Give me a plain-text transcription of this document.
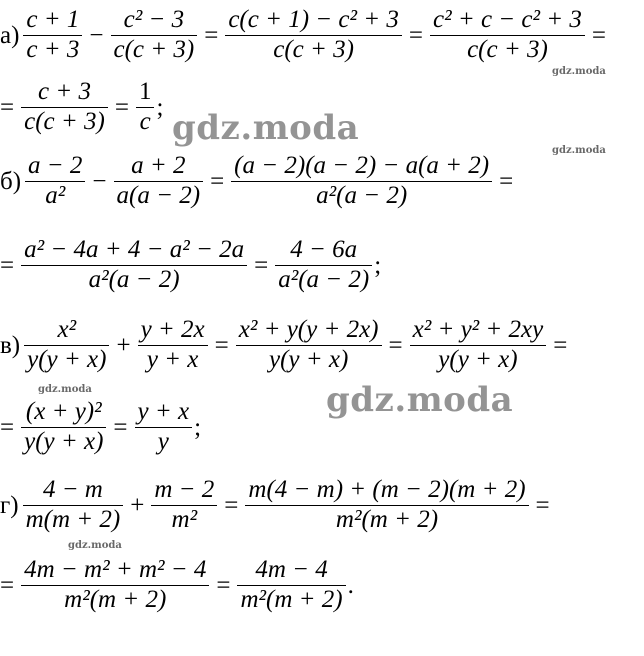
$а) \frac{c + 1}{c + 3} - \frac{\text{c² − 3}}{c(c + 3)} = \frac{\text{c(c + 1) − c² + 3}}{c(c + 3)} = \frac{\text{c² + c − c² + 3}}{c(c + 3)}$ =
= $\frac{c + 3}{c(c + 3)} = \frac{1}{c}$ ;
$б) \frac{a - 2}{\text{a²}} - \frac{a + 2}{a(a - 2)} = \frac{(a - 2)(a - 2) - a(a + 2)}{\text{a²(a − 2)}}$ =
= $\frac{\text{a² − 4a + 4 − a² − 2a}}{\text{a²(a − 2)}} = \frac{4 - 6a}{\text{a²(a − 2)}}$ ;
$в) \frac{\text{x²}}{y(y + x)} + \frac{y + 2x}{y + x} = \frac{\text{x² + y(y + 2x)}}{y(y + x)} = \frac{\text{x² + y² + 2xy}}{y(y + x)}$ =
= $\frac{\text{(x + y)²}}{y(y + x)} = \frac{y + x}{y}$ ;
$г) \frac{4 - m}{m(m + 2)} + \frac{m - 2}{\text{m²}} = \frac{m(4 - m) + (m - 2)(m + 2)}{\text{m²(m + 2)}}$ =
= $\frac{\text{4m − m² + m² − 4}}{\text{m²(m + 2)}} = \frac{4m - 4}{\text{m²(m + 2)}}$ .
gdz.moda
gdz.moda
gdz.moda
gdz.moda
gdz.moda
gdz.moda
